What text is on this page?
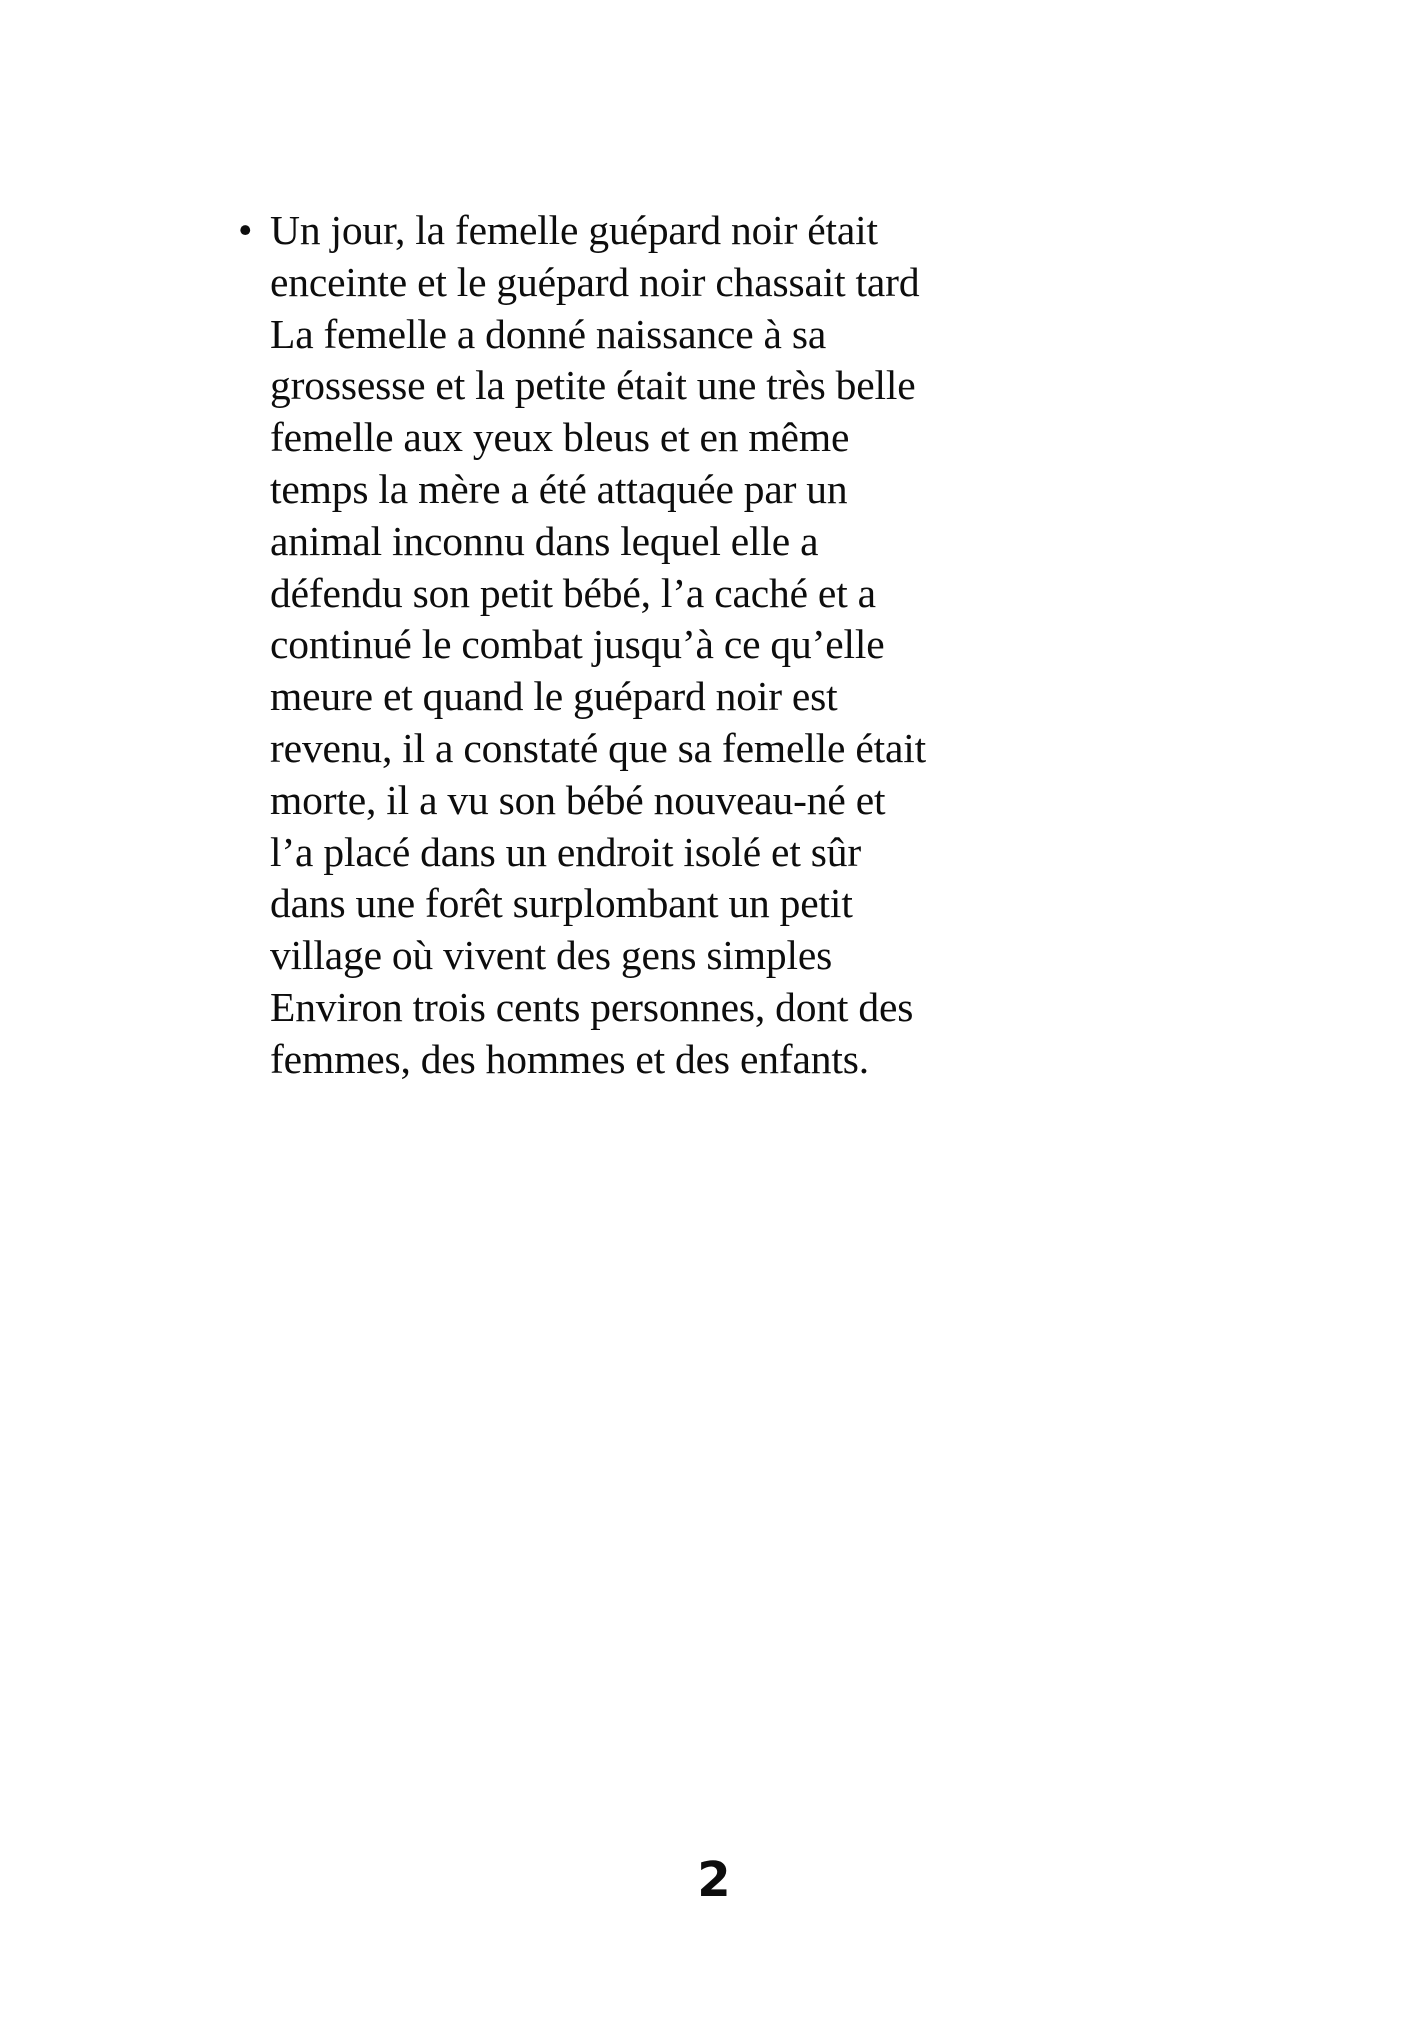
• Un jour, la femelle guépard noir était enceinte et le guépard noir chassait tard La femelle a donné naissance à sa grossesse et la petite était une très belle femelle aux yeux bleus et en même temps la mère a été attaquée par un animal inconnu dans lequel elle a défendu son petit bébé, l’a caché et a continué le combat jusqu’à ce qu’elle meure et quand le guépard noir est revenu, il a constaté que sa femelle était morte, il a vu son bébé nouveau-né et l’a placé dans un endroit isolé et sûr dans une forêt surplombant un petit village où vivent des gens simples Environ trois cents personnes, dont des femmes, des hommes et des enfants.
2
